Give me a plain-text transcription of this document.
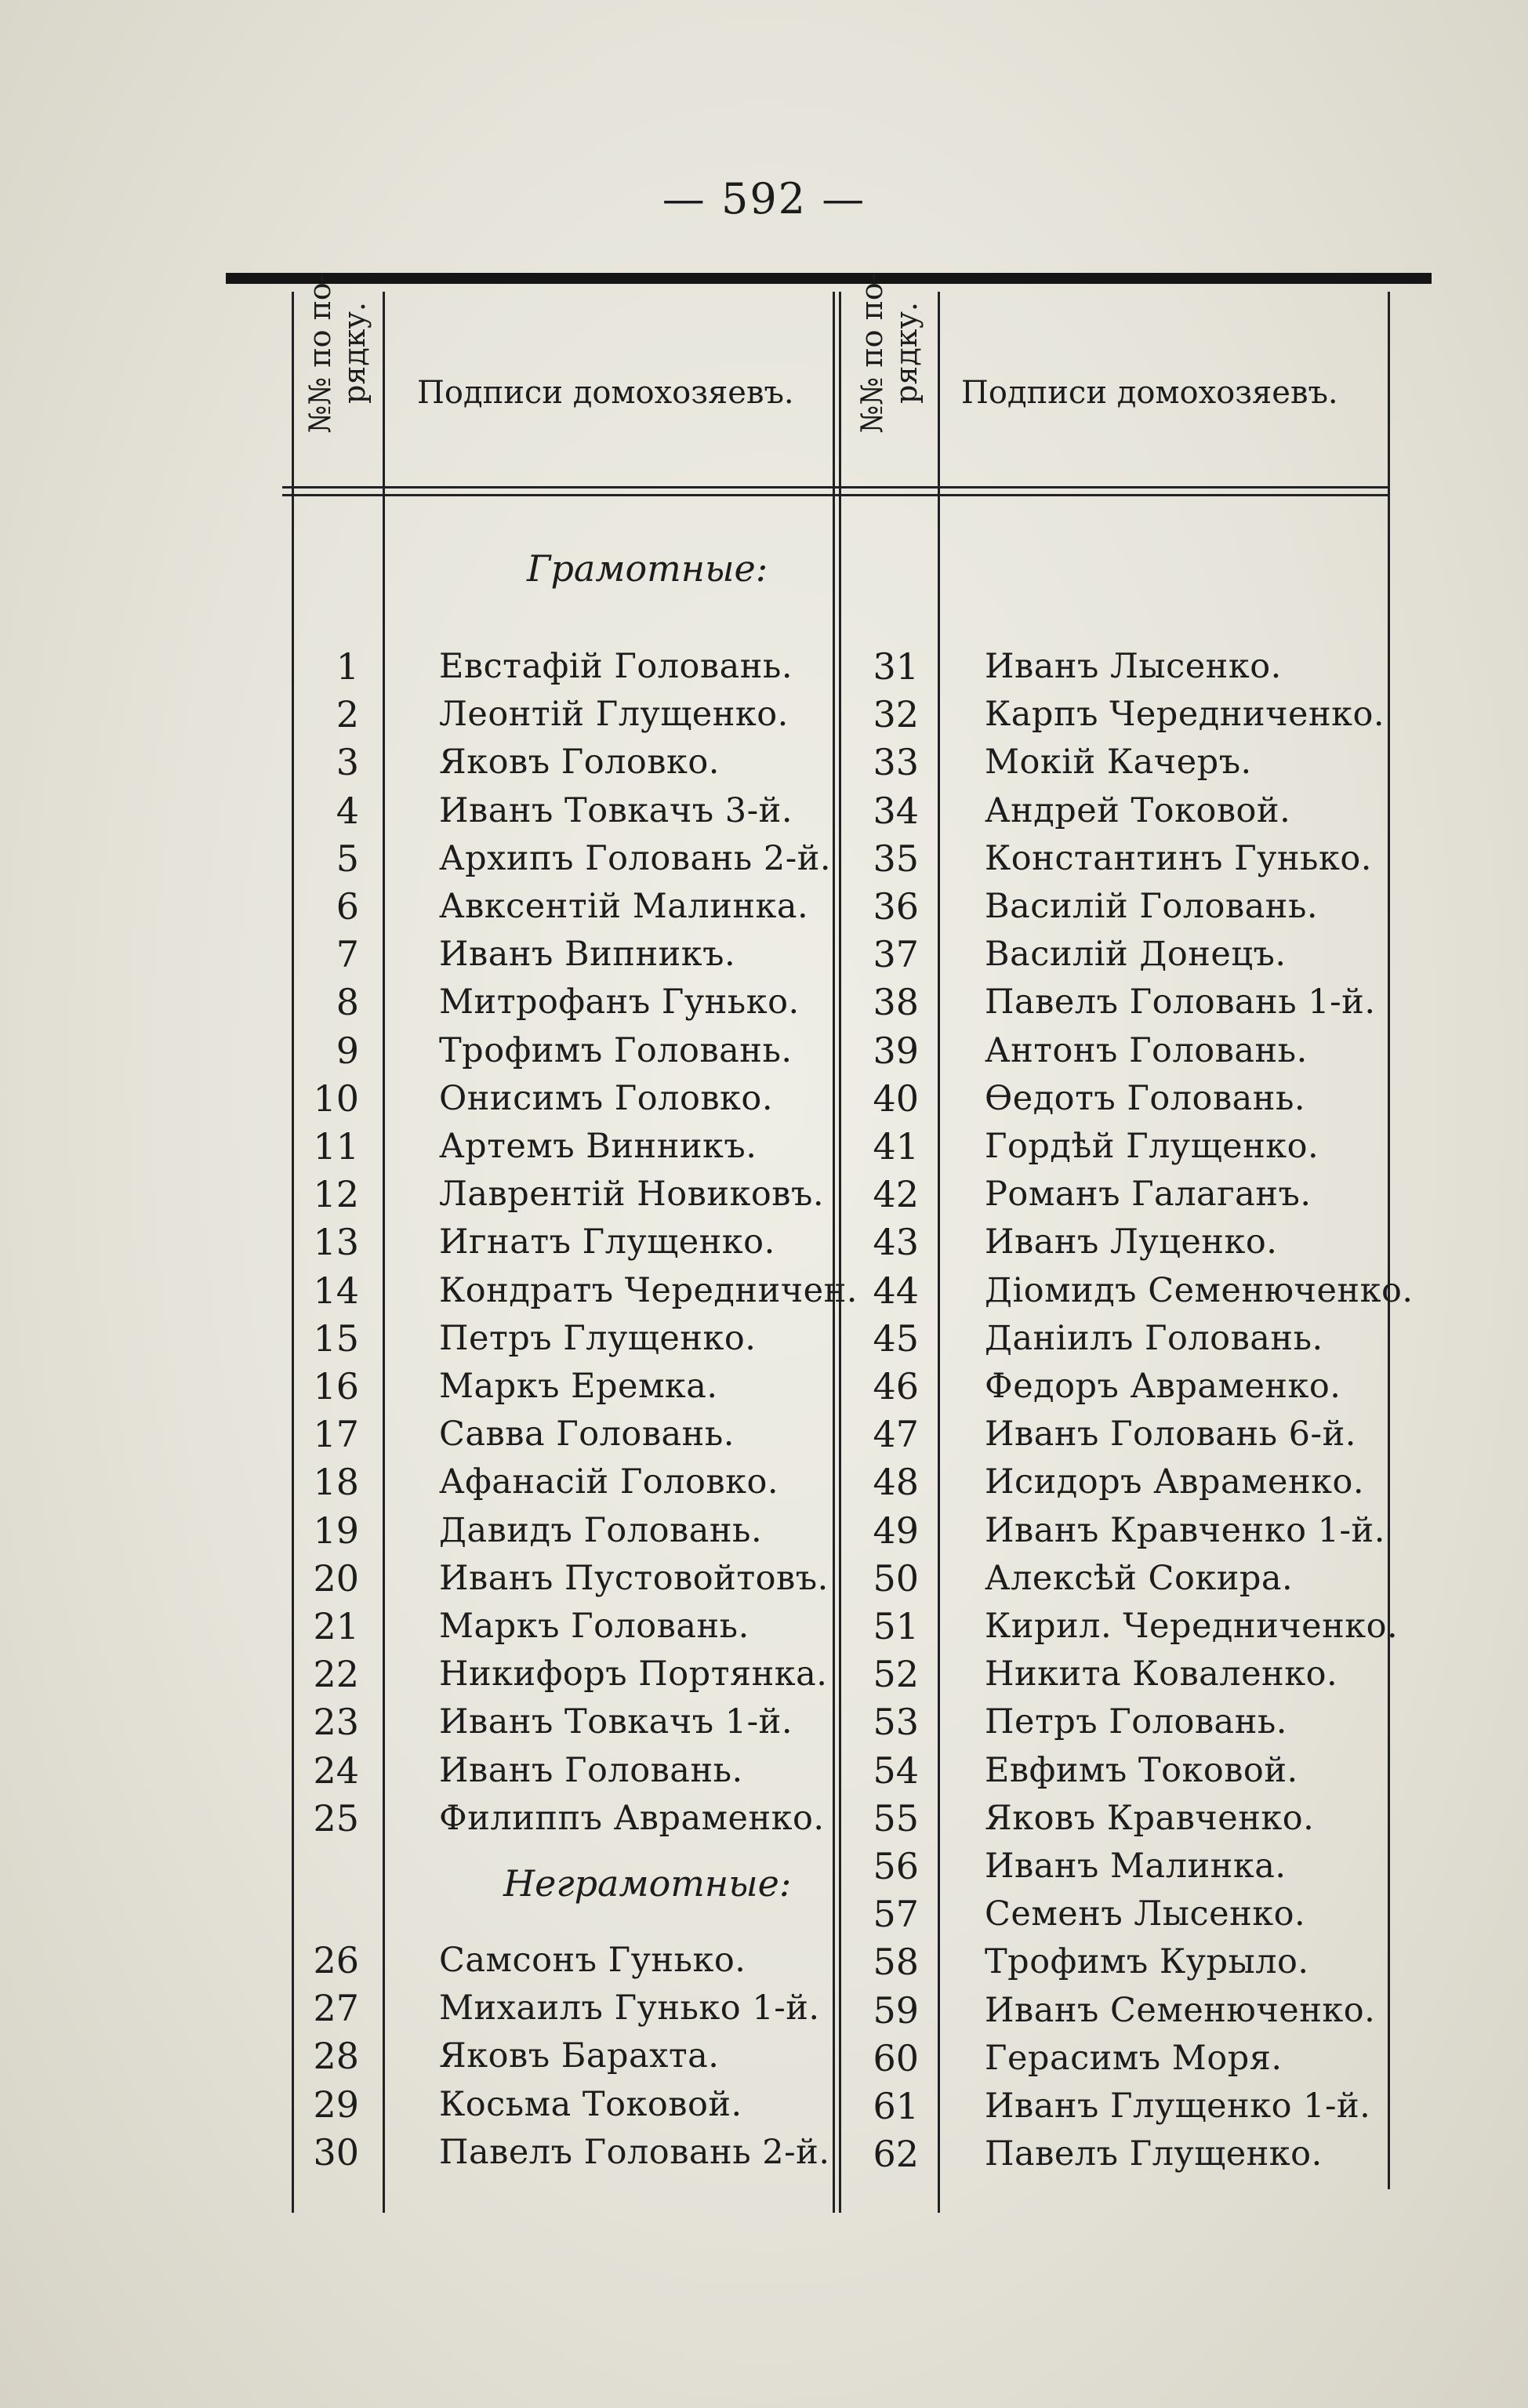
— 592 —
№№ по по-
рядку. Подписи домохозяевъ. №№ по по-
рядку. Подписи домохозяевъ.
Грамотные:
Неграмотные:
1 Евстафій Головань.
2 Леонтій Глущенко.
3 Яковъ Головко.
4 Иванъ Товкачъ 3-й.
5 Архипъ Головань 2-й.
6 Авксентій Малинка.
7 Иванъ Випникъ.
8 Митрофанъ Гунько.
9 Трофимъ Головань.
10 Онисимъ Головко.
11 Артемъ Винникъ.
12 Лаврентій Новиковъ.
13 Игнатъ Глущенко.
14 Кондратъ Чередничен.
15 Петръ Глущенко.
16 Маркъ Еремка.
17 Савва Головань.
18 Афанасій Головко.
19 Давидъ Головань.
20 Иванъ Пустовойтовъ.
21 Маркъ Головань.
22 Никифоръ Портянка.
23 Иванъ Товкачъ 1-й.
24 Иванъ Головань.
25 Филиппъ Авраменко.
26 Самсонъ Гунько.
27 Михаилъ Гунько 1-й.
28 Яковъ Барахта.
29 Косьма Токовой.
30 Павелъ Головань 2-й.
31 Иванъ Лысенко.
32 Карпъ Чередниченко.
33 Мокій Качеръ.
34 Андрей Токовой.
35 Константинъ Гунько.
36 Василій Головань.
37 Василій Донецъ.
38 Павелъ Головань 1-й.
39 Антонъ Головань.
40 Өедотъ Головань.
41 Гордѣй Глущенко.
42 Романъ Галаганъ.
43 Иванъ Луценко.
44 Діомидъ Семенюченко.
45 Даніилъ Головань.
46 Федоръ Авраменко.
47 Иванъ Головань 6-й.
48 Исидоръ Авраменко.
49 Иванъ Кравченко 1-й.
50 Алексѣй Сокира.
51 Кирил. Чередниченко.
52 Никита Коваленко.
53 Петръ Головань.
54 Евфимъ Токовой.
55 Яковъ Кравченко.
56 Иванъ Малинка.
57 Семенъ Лысенко.
58 Трофимъ Курыло.
59 Иванъ Семенюченко.
60 Герасимъ Моря.
61 Иванъ Глущенко 1-й.
62 Павелъ Глущенко.
